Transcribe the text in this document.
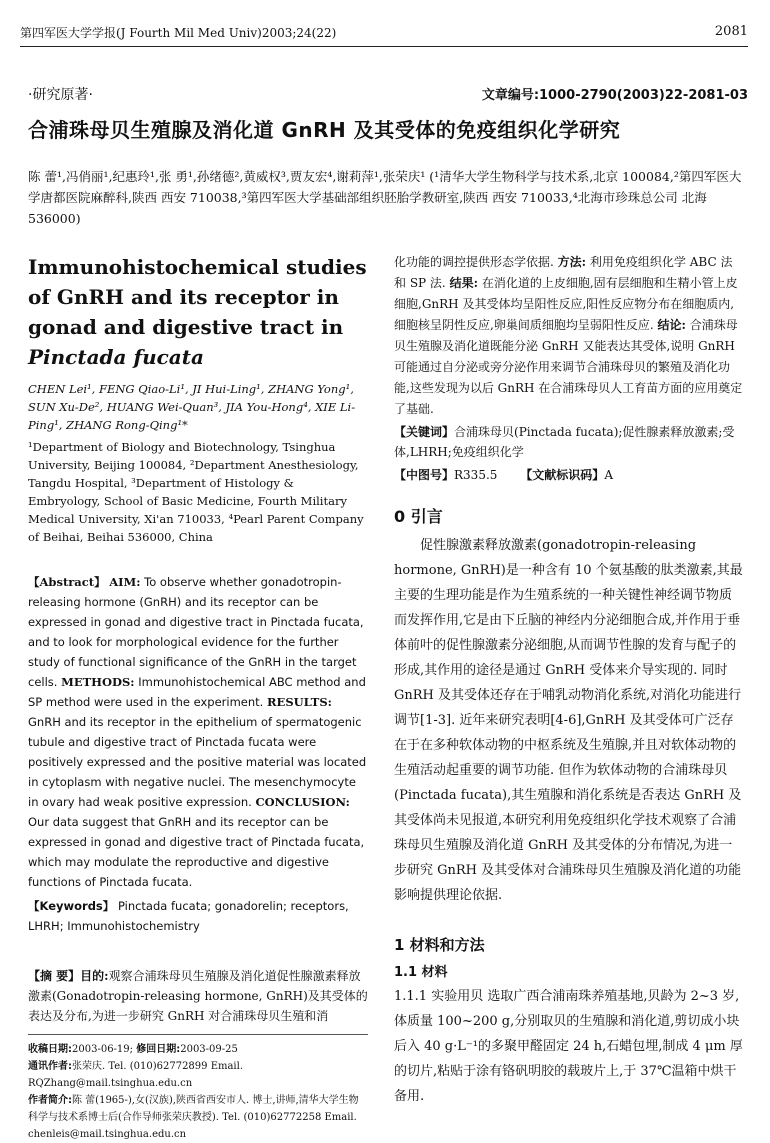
第四军医大学学报(J Fourth Mil Med Univ)2003;24(22)	2081
·研究原著·	文章编号:1000-2790(2003)22-2081-03
合浦珠母贝生殖腺及消化道 GnRH 及其受体的免疫组织化学研究
陈 蕾¹,冯俏丽¹,纪惠玲¹,张 勇¹,孙绪德²,黄威权³,贾友宏⁴,谢莉萍¹,张荣庆¹ (¹清华大学生物科学与技术系,北京 100084,²第四军医大学唐都医院麻醉科,陕西 西安 710038,³第四军医大学基础部组织胚胎学教研室,陕西 西安 710033,⁴北海市珍珠总公司 北海 536000)
Immunohistochemical studies of GnRH and its receptor in gonad and digestive tract in Pinctada fucata
CHEN Lei¹, FENG Qiao-Li¹, JI Hui-Ling¹, ZHANG Yong¹, SUN Xu-De², HUANG Wei-Quan³, JIA You-Hong⁴, XIE Li-Ping¹, ZHANG Rong-Qing¹*
¹Department of Biology and Biotechnology, Tsinghua University, Beijing 100084, ²Department Anesthesiology, Tangdu Hospital, ³Department of Histology & Embryology, School of Basic Medicine, Fourth Military Medical University, Xi'an 710033, ⁴Pearl Parent Company of Beihai, Beihai 536000, China
【Abstract】 AIM: To observe whether gonadotropin-releasing hormone (GnRH) and its receptor can be expressed in gonad and digestive tract in Pinctada fucata, and to look for morphological evidence for the further study of functional significance of the GnRH in the target cells. METHODS: Immunohistochemical ABC method and SP method were used in the experiment. RESULTS: GnRH and its receptor in the epithelium of spermatogenic tubule and digestive tract of Pinctada fucata were positively expressed and the positive material was located in cytoplasm with negative nuclei. The mesenchymocyte in ovary had weak positive expression. CONCLUSION: Our data suggest that GnRH and its receptor can be expressed in gonad and digestive tract of Pinctada fucata, which may modulate the reproductive and digestive functions of Pinctada fucata.
【Keywords】 Pinctada fucata; gonadorelin; receptors, LHRH; Immunohistochemistry
【摘 要】目的:观察合浦珠母贝生殖腺及消化道促性腺激素释放激素(Gonadotropin-releasing hormone, GnRH)及其受体的表达及分布,为进一步研究 GnRH 对合浦珠母贝生殖和消
收稿日期:2003-06-19; 修回日期:2003-09-25
通讯作者:张荣庆. Tel. (010)62772899 Email. RQZhang@mail.tsinghua.edu.cn
作者简介:陈 蕾(1965-),女(汉族),陕西省西安市人. 博士,讲师,清华大学生物科学与技术系博士后(合作导师张荣庆教授). Tel. (010)62772258 Email. chenleis@mail.tsinghua.edu.cn
化功能的调控提供形态学依据. 方法: 利用免疫组织化学 ABC 法和 SP 法. 结果: 在消化道的上皮细胞,固有层细胞和生精小管上皮细胞,GnRH 及其受体均呈阳性反应,阳性反应物分布在细胞质内,细胞核呈阴性反应,卵巢间质细胞均呈弱阳性反应. 结论: 合浦珠母贝生殖腺及消化道既能分泌 GnRH 又能表达其受体,说明 GnRH 可能通过自分泌或旁分泌作用来调节合浦珠母贝的繁殖及消化功能,这些发现为以后 GnRH 在合浦珠母贝人工育苗方面的应用奠定了基础.
【关键词】合浦珠母贝(Pinctada fucata);促性腺素释放激素;受体,LHRH;免疫组织化学
【中图号】R335.5 【文献标识码】A
0 引言
促性腺激素释放激素(gonadotropin-releasing hormone, GnRH)是一种含有 10 个氨基酸的肽类激素,其最主要的生理功能是作为生殖系统的一种关键性神经调节物质而发挥作用,它是由下丘脑的神经内分泌细胞合成,并作用于垂体前叶的促性腺激素分泌细胞,从而调节性腺的发育与配子的形成,其作用的途径是通过 GnRH 受体来介导实现的. 同时 GnRH 及其受体还存在于哺乳动物消化系统,对消化功能进行调节[1-3]. 近年来研究表明[4-6],GnRH 及其受体可广泛存在于在多种软体动物的中枢系统及生殖腺,并且对软体动物的生殖活动起重要的调节功能. 但作为软体动物的合浦珠母贝(Pinctada fucata),其生殖腺和消化系统是否表达 GnRH 及其受体尚未见报道,本研究利用免疫组织化学技术观察了合浦珠母贝生殖腺及消化道 GnRH 及其受体的分布情况,为进一步研究 GnRH 及其受体对合浦珠母贝生殖腺及消化道的功能影响提供理论依据.
1 材料和方法
1.1 材料
1.1.1 实验用贝 选取广西合浦南珠养殖基地,贝龄为 2~3 岁,体质量 100~200 g,分别取贝的生殖腺和消化道,剪切成小块后入 40 g·L⁻¹的多聚甲醛固定 24 h,石蜡包埋,制成 4 μm 厚的切片,粘贴于涂有铬矾明胶的载玻片上,于 37℃温箱中烘干备用.
